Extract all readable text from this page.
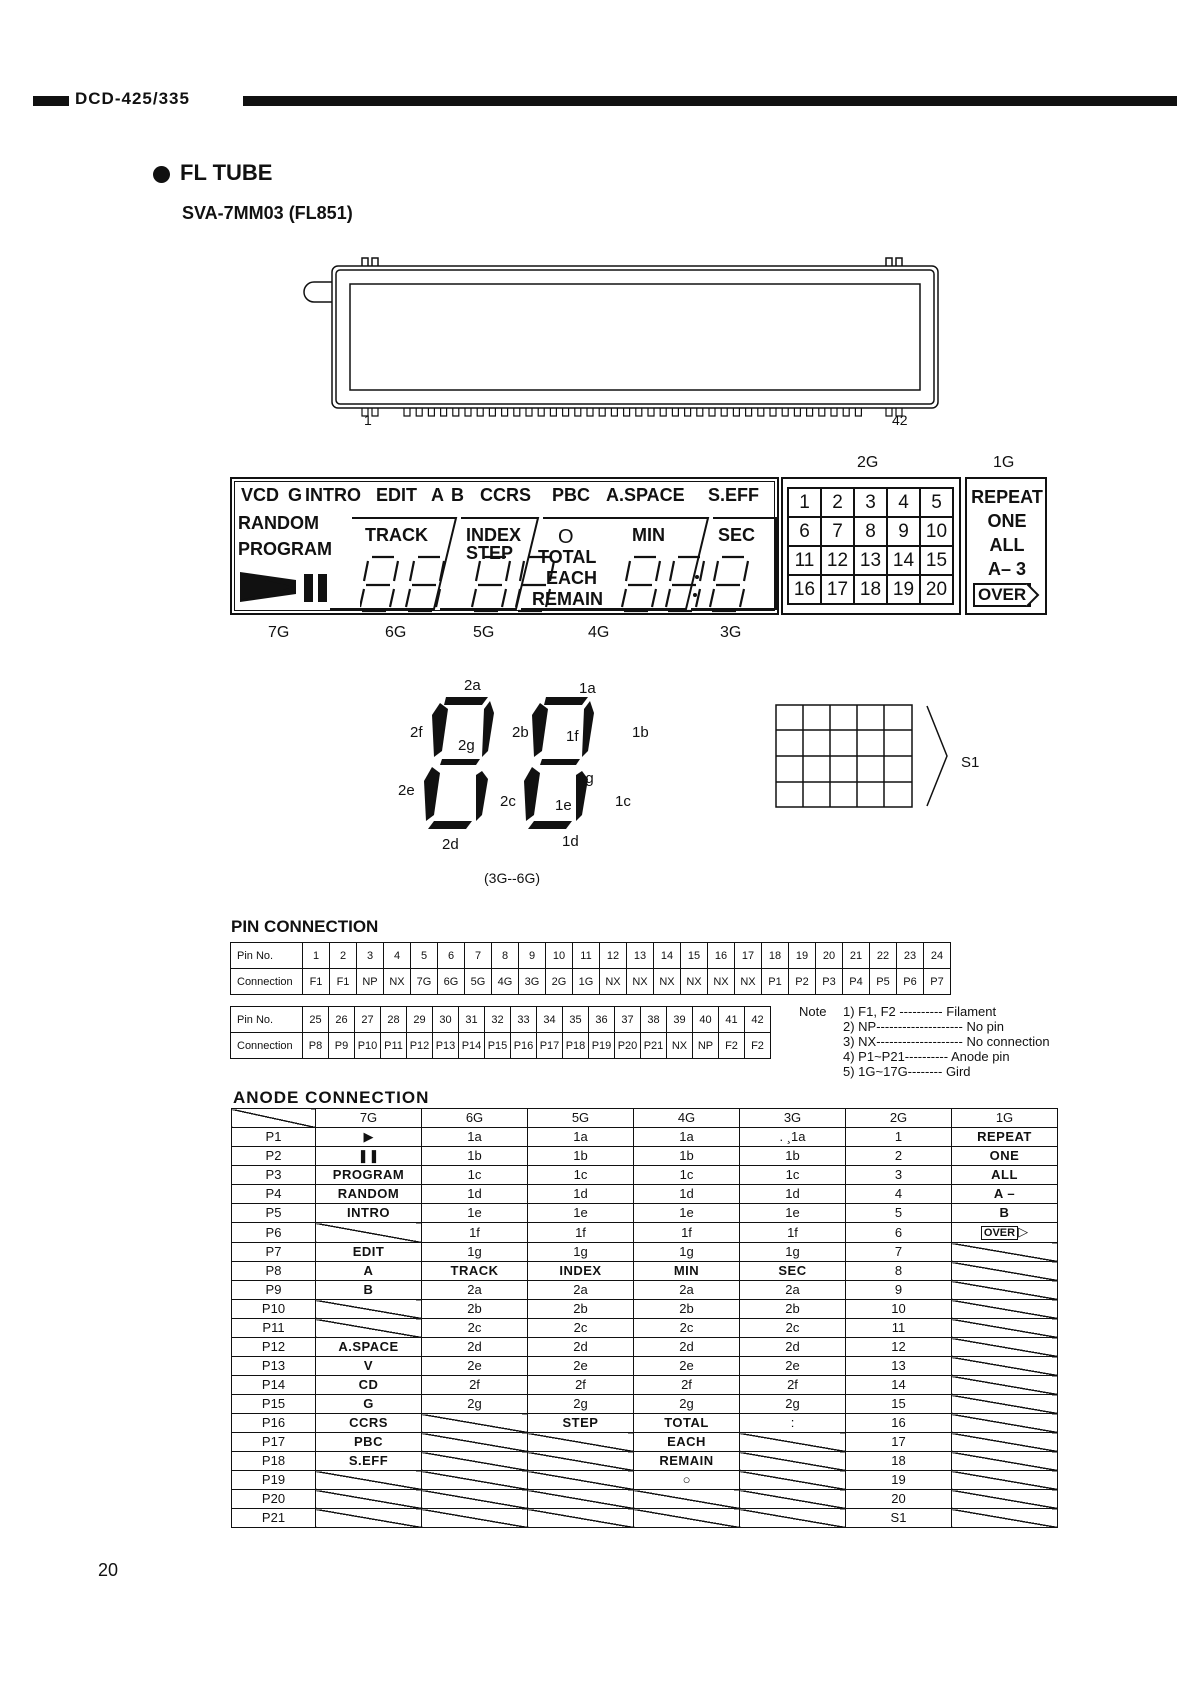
DCD-425/335
FL TUBE
SVA-7MM03 (FL851)
1	42
VCD G INTRO EDIT A B CCRS PBC A.SPACE S.EFF
RANDOM
PROGRAM
TRACK INDEX
STEP
O	MIN	SEC
TOTAL
EACH
REMAIN
1	2	3	4	5
6	7	8	9	10
11	12	13	14	15
16	17	18	19	20
REPEAT
ONE
ALL
A– 3
OVER
7G	6G	5G	4G	3G
2G	1G
2a
2f
2g
2b
2e
2c
2d
1a
1f	1b
1g
1e	1c
1d
(3G--6G)
S1
PIN CONNECTION
Pin No.	1	2	3	4	5	6	7	8	9	10	11	12	13	14	15	16	17	18	19	20	21	22	23	24
Connection	F1	F1	NP	NX	7G	6G	5G	4G	3G	2G	1G	NX	NX	NX	NX	NX	NX	P1	P2	P3	P4	P5	P6	P7
Pin No.	25	26	27	28	29	30	31	32	33	34	35	36	37	38	39	40	41	42
Connection	P8	P9	P10	P11	P12	P13	P14	P15	P16	P17	P18	P19	P20	P21	NX	NP	F2	F2
Note 1) F1, F2 ---------- Filament
2) NP-------------------- No pin
3) NX-------------------- No connection
4) P1~P21---------- Anode pin
5) 1G~17G-------- Gird
ANODE CONNECTION
	7G	6G	5G	4G	3G	2G	1G
P1	▶	1a	1a	1a	. ¸1a	1	REPEAT
P2	❚❚	1b	1b	1b	1b	2	ONE
P3	PROGRAM	1c	1c	1c	1c	3	ALL
P4	RANDOM	1d	1d	1d	1d	4	A –
P5	INTRO	1e	1e	1e	1e	5	B
P6		1f	1f	1f	1f	6	OVER ▷
P7	EDIT	1g	1g	1g	1g	7	
P8	A	TRACK	INDEX	MIN	SEC	8	
P9	B	2a	2a	2a	2a	9	
P10		2b	2b	2b	2b	10	
P11		2c	2c	2c	2c	11	
P12	A.SPACE	2d	2d	2d	2d	12	
P13	V	2e	2e	2e	2e	13	
P14	CD	2f	2f	2f	2f	14	
P15	G	2g	2g	2g	2g	15	
P16	CCRS		STEP	TOTAL	:	16	
P17	PBC			EACH		17	
P18	S.EFF			REMAIN		18	
P19				○		19	
P20						20	
P21						S1	
20
